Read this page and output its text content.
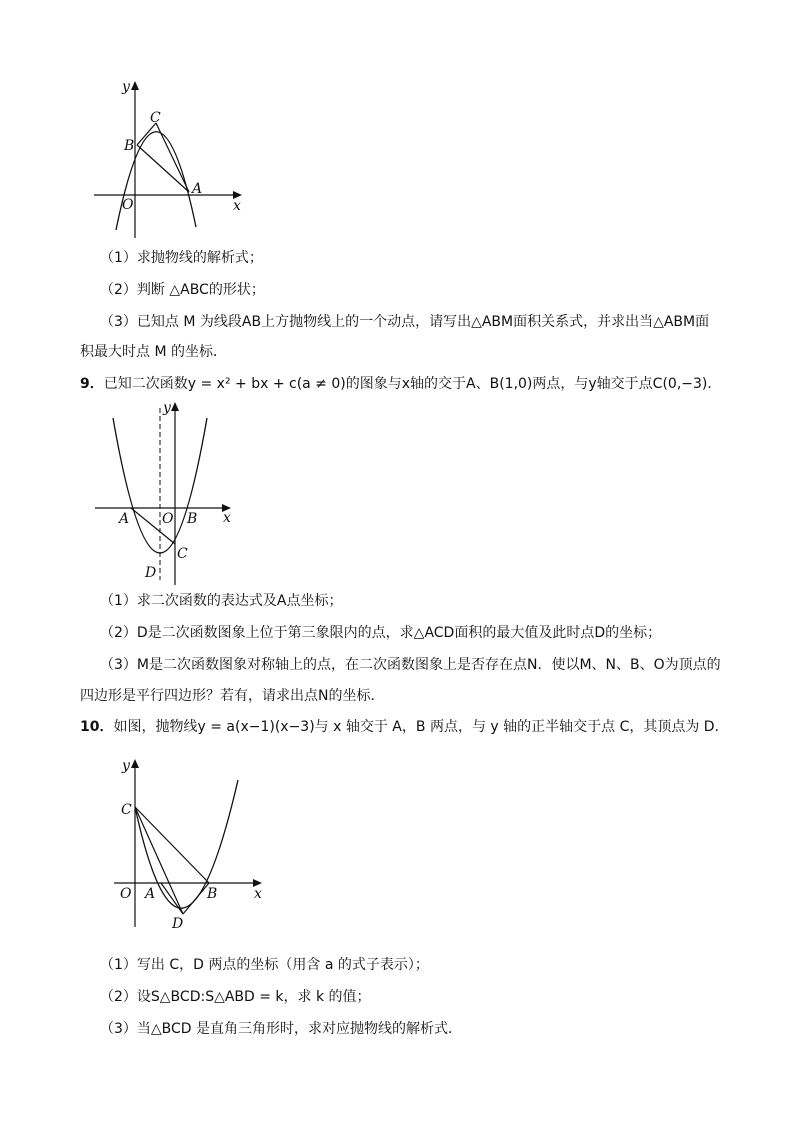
y
x
O
A
B
C
（1）求抛物线的解析式；
（2）判断 △ABC的形状；
（3）已知点 M 为线段AB上方抛物线上的一个动点，请写出△ABM面积关系式，并求出当△ABM面
积最大时点 M 的坐标．
9．已知二次函数y = x² + bx + c(a ≠ 0)的图象与x轴的交于A、B(1,0)两点，与y轴交于点C(0,−3)．
y
x
A O B
C
D
（1）求二次函数的表达式及A点坐标；
（2）D是二次函数图象上位于第三象限内的点，求△ACD面积的最大值及此时点D的坐标；
（3）M是二次函数图象对称轴上的点，在二次函数图象上是否存在点N．使以M、N、B、O为顶点的
四边形是平行四边形？若有，请求出点N的坐标．
10．如图，抛物线y = a(x−1)(x−3)与 x 轴交于 A，B 两点，与 y 轴的正半轴交于点 C，其顶点为 D．
y
x
C
O A	B
D
（1）写出 C，D 两点的坐标（用含 a 的式子表示）；
（2）设S△BCD:S△ABD = k，求 k 的值；
（3）当△BCD 是直角三角形时，求对应抛物线的解析式．
